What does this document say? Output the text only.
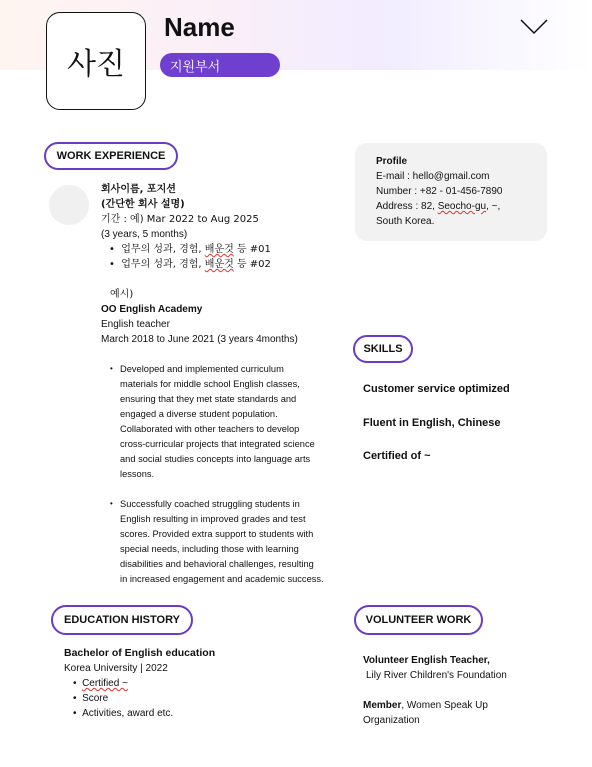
사진
Name
지원부서
WORK EXPERIENCE
회사이름, 포지션
(간단한 회사 설명)
기간 : 예) Mar 2022 to Aug 2025
(3 years, 5 months)
•  업무의 성과, 경험, 배운것 등 #01
•  업무의 성과, 경험, 배운것 등 #02
예시)
OO English Academy
English teacher
March 2018 to June 2021 (3 years 4months)
• Developed and implemented curriculum
materials for middle school English classes,
ensuring that they met state standards and
engaged a diverse student population.
Collaborated with other teachers to develop
cross-curricular projects that integrated science
and social studies concepts into language arts
lessons.
• Successfully coached struggling students in
English resulting in improved grades and test
scores. Provided extra support to students with
special needs, including those with learning
disabilities and behavioral challenges, resulting
in increased engagement and academic success.
Profile
E-mail : hello@gmail.com
Number : +82 - 01-456-7890
Address : 82, Seocho-gu, ~,
South Korea.
SKILLS
Customer service optimized
Fluent in English, Chinese
Certified of ~
EDUCATION HISTORY
Bachelor of English education
Korea University | 2022
•  Certified ~
•  Score
•  Activities, award etc.
VOLUNTEER WORK
Volunteer English Teacher,
Lily River Children's Foundation
Member, Women Speak Up
Organization
